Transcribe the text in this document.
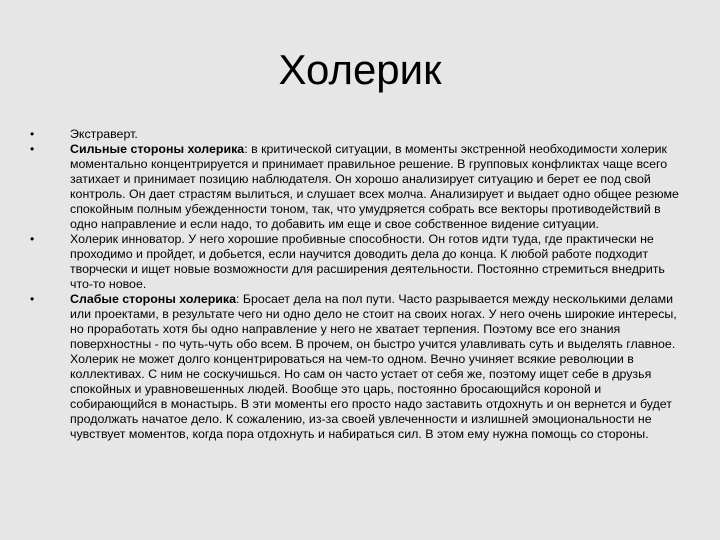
Холерик
•	Экстраверт.
•	Сильные стороны холерика: в критической ситуации, в моменты экстренной необходимости холерик моментально концентрируется и принимает правильное решение. В групповых конфликтах чаще всего затихает и принимает позицию наблюдателя. Он хорошо анализирует ситуацию и берет ее под свой контроль. Он дает страстям вылиться, и слушает всех молча. Анализирует и выдает одно общее резюме спокойным полным убежденности тоном, так, что умудряется собрать все векторы противодействий в одно направление и если надо, то добавить им еще и свое собственное видение ситуации.
•	Холерик инноватор. У него хорошие пробивные способности. Он готов идти туда, где практически не проходимо и пройдет, и добьется, если научится доводить дела до конца. К любой работе подходит творчески и ищет новые возможности для расширения деятельности. Постоянно стремиться внедрить что-то новое.
•	Слабые стороны холерика: Бросает дела на пол пути. Часто разрывается между несколькими делами или проектами, в результате чего ни одно дело не стоит на своих ногах. У него очень широкие интересы, но проработать хотя бы одно направление у него не хватает терпения. Поэтому все его знания поверхностны - по чуть-чуть обо всем. В прочем, он быстро учится улавливать суть и выделять главное. Холерик не может долго концентрироваться на чем-то одном. Вечно учиняет всякие революции в коллективах. С ним не соскучишься. Но сам он часто устает от себя же, поэтому ищет себе в друзья спокойных и уравновешенных людей. Вообще это царь, постоянно бросающийся короной и собирающийся в монастырь. В эти моменты его просто надо заставить отдохнуть и он вернется и будет продолжать начатое дело. К сожалению, из-за своей увлеченности и излишней эмоциональности не чувствует моментов, когда пора отдохнуть и набираться сил. В этом ему нужна помощь со стороны.
